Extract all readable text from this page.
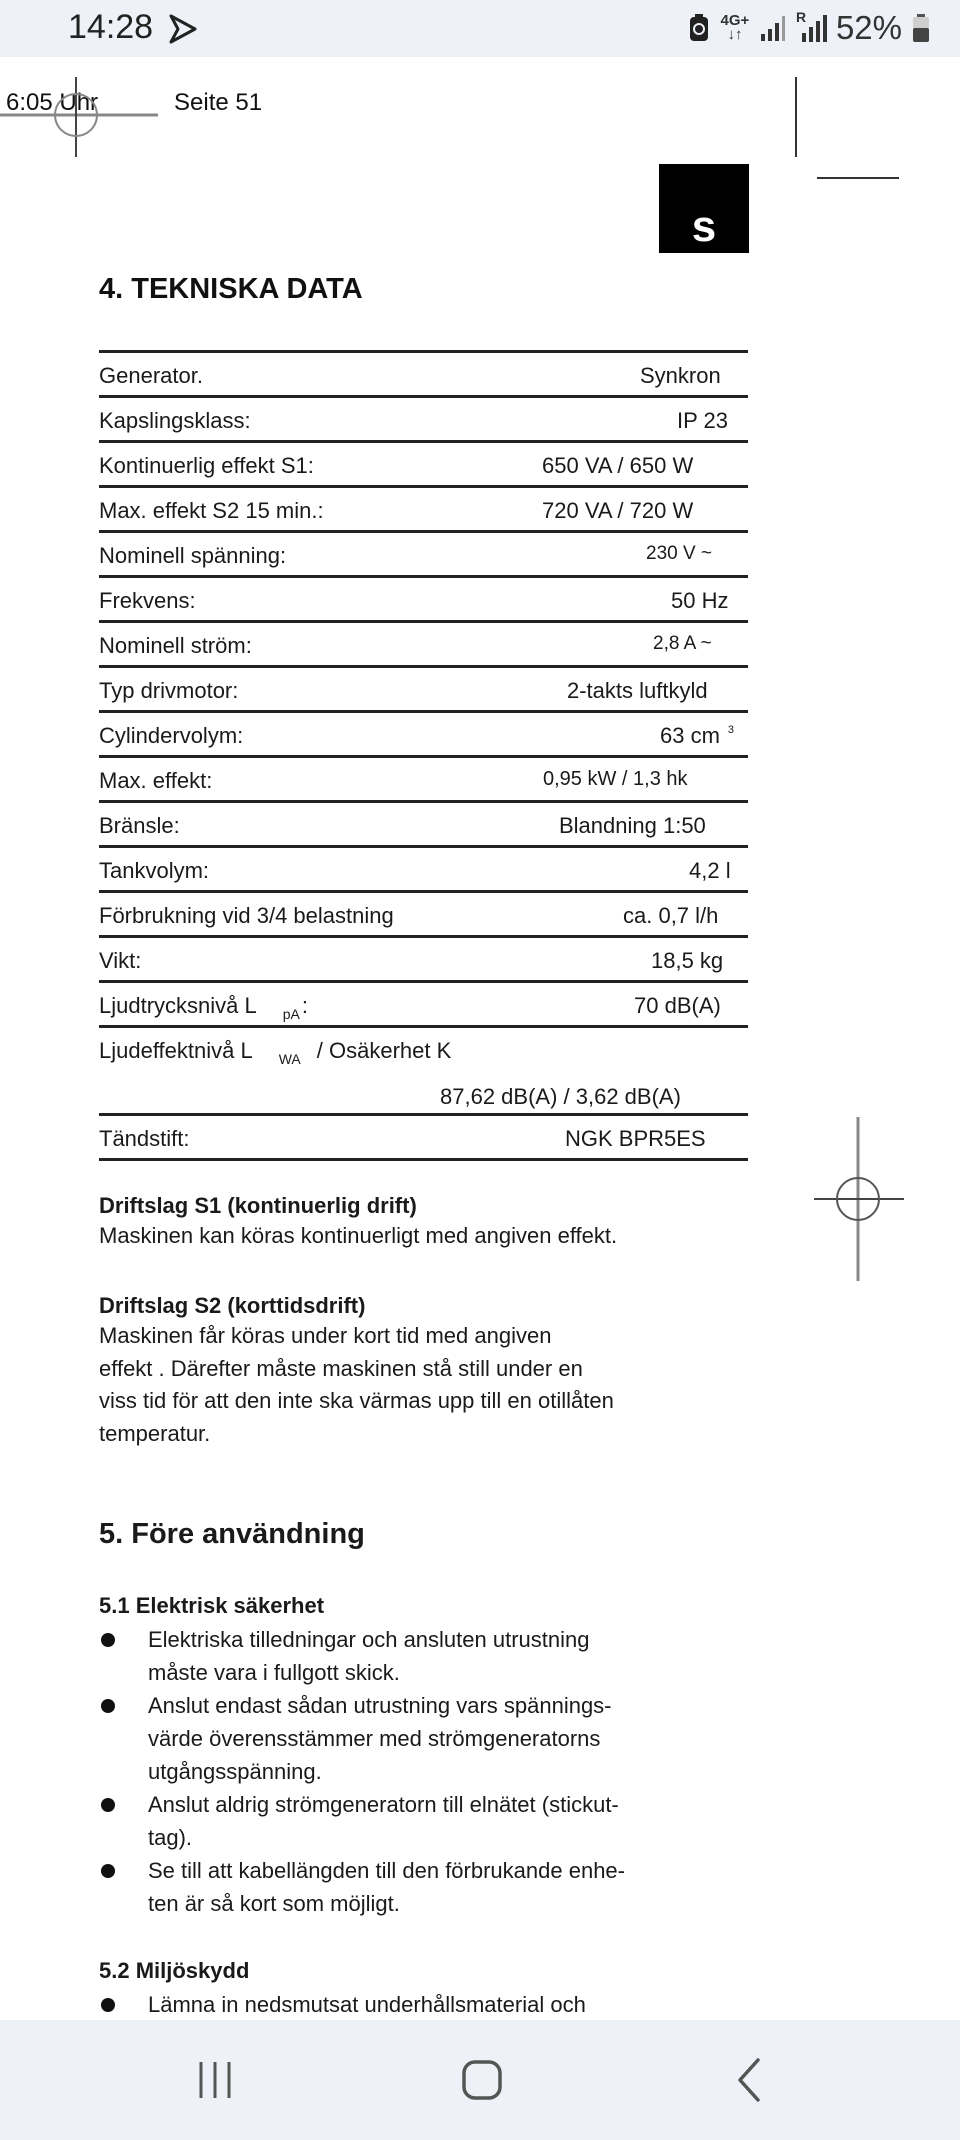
14:28	4G+
↓↑
R 52%
6:05 Uhr	Seite 51
s
4. TEKNISKA DATA
Generator.	Synkron
Kapslingsklass:	IP 23
Kontinuerlig effekt S1:	650 VA / 650 W
Max. effekt S2 15 min.:	720 VA / 720 W
Nominell spänning:	230 V ~
Frekvens:	50 Hz
Nominell ström:	2,8 A ~
Typ drivmotor:	2-takts luftkyld
Cylindervolym:	63 cm $^3$
Max. effekt:	0,95 kW / 1,3 hk
Bränsle:	Blandning 1:50
Tankvolym:	4,2 l
Förbrukning vid 3/4 belastning	ca. 0,7 l/h
Vikt:	18,5 kg
Ljudtrycksnivå L $_{pA}$:	70 dB(A)
Ljudeffektnivå L $_{WA}$ / Osäkerhet K
87,62 dB(A) / 3,62 dB(A)
Tändstift:	NGK BPR5ES
Driftslag S1 (kontinuerlig drift)
Maskinen kan köras kontinuerligt med angiven effekt.
Driftslag S2 (korttidsdrift)
Maskinen får köras under kort tid med angiven
effekt . Därefter måste maskinen stå still under en
viss tid för att den inte ska värmas upp till en otillåten
temperatur.
5. Före användning
5.1 Elektrisk säkerhet
Elektriska tilledningar och ansluten utrustning
måste vara i fullgott skick.
Anslut endast sådan utrustning vars spännings-
värde överensstämmer med strömgeneratorns
utgångsspänning.
Anslut aldrig strömgeneratorn till elnätet (stickut-
tag).
Se till att kabellängden till den förbrukande enhe-
ten är så kort som möjligt.
5.2 Miljöskydd
Lämna in nedsmutsat underhållsmaterial och
